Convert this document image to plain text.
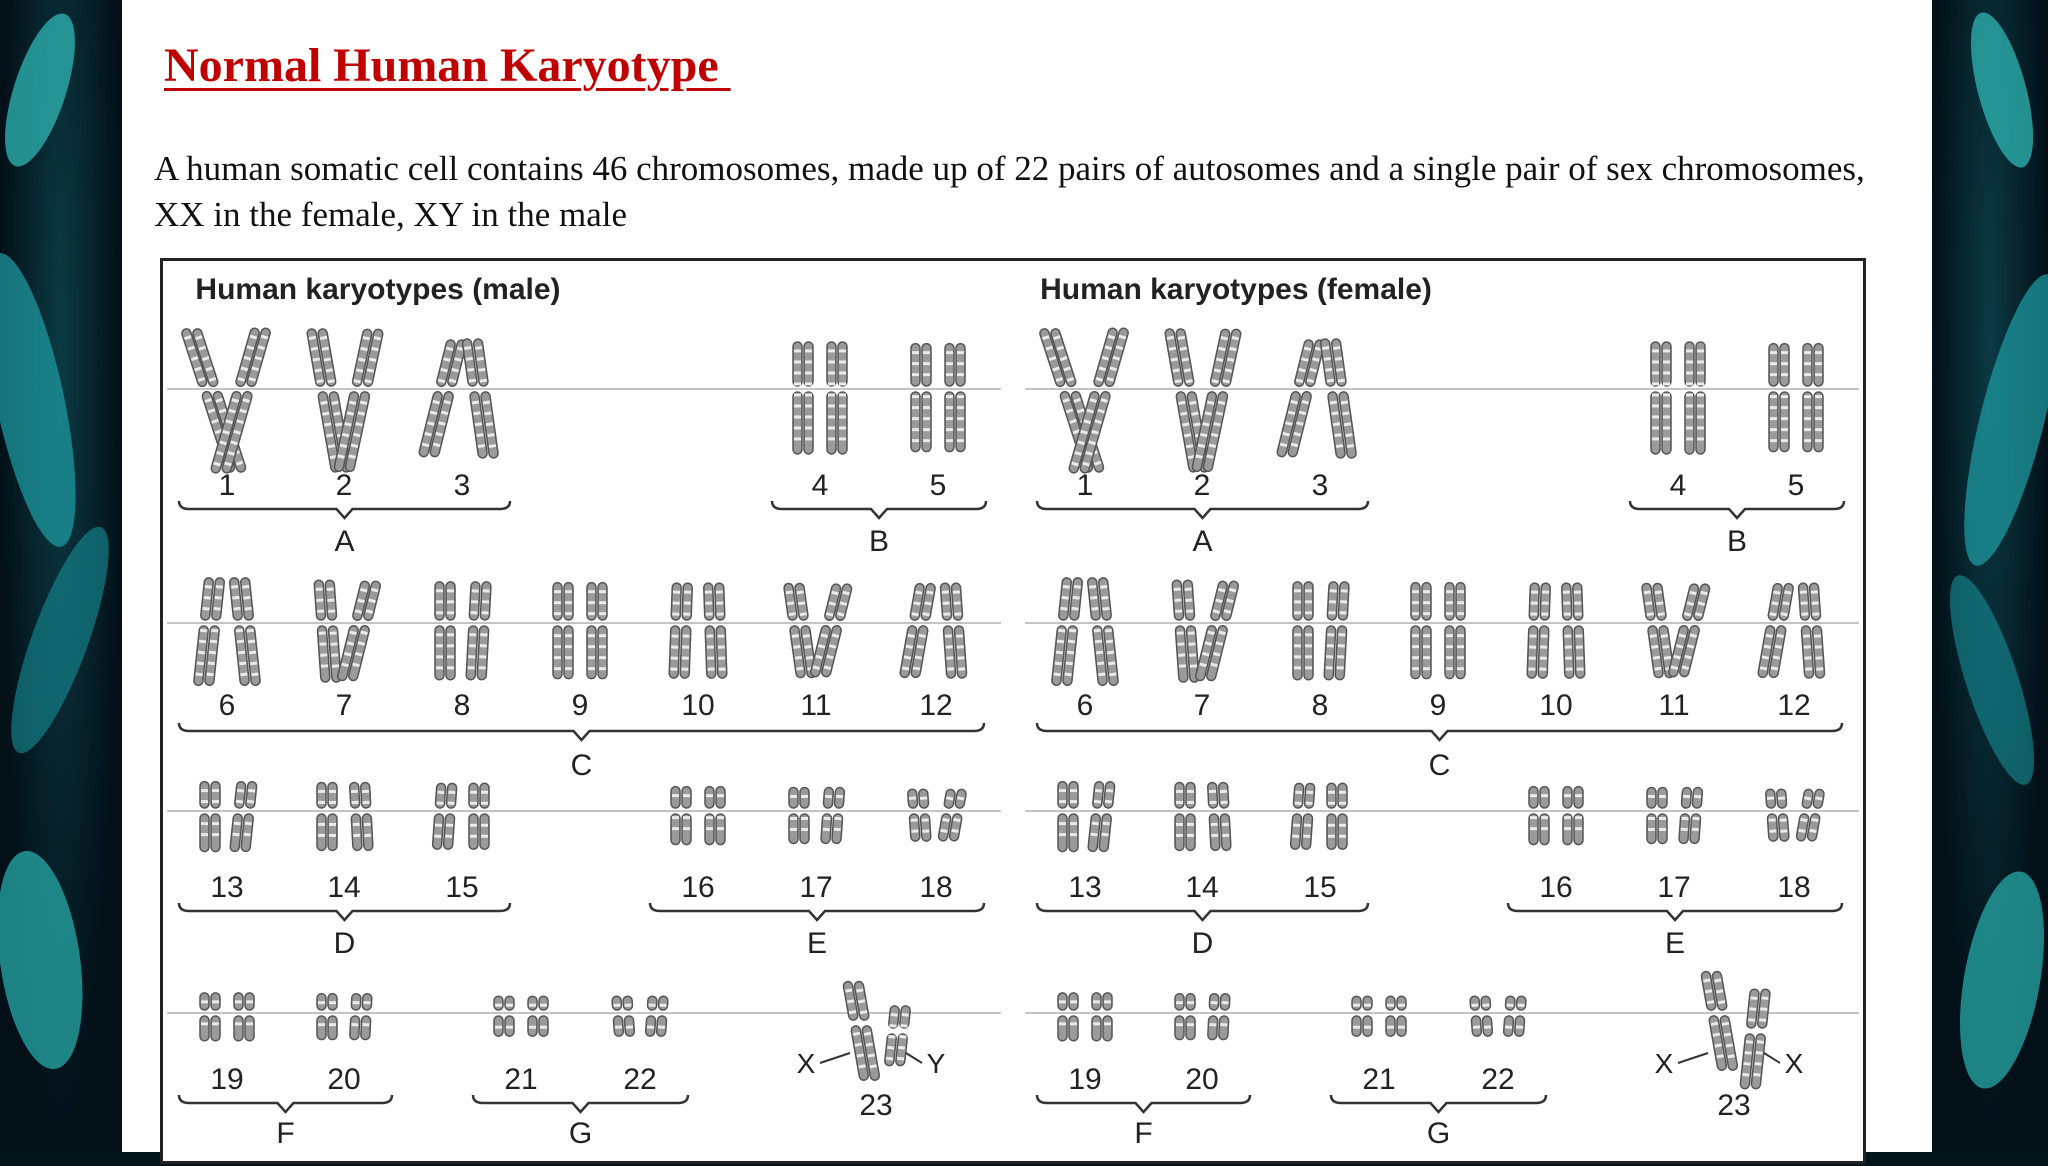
Normal Human Karyotype

A human somatic cell contains 46 chromosomes, made up of 22 pairs of autosomes and a single pair of sex chromosomes, XX in the female, XY in the male

Human karyotypes (male)
1	2	3	4	5
A	B
6	7	8	9	10	11	12
C
13	14	15	16	17	18
D	E
19	20	21	22	X	Y
23
F	G
Human karyotypes (female)
1	2	3	4	5
A	B
6	7	8	9	10	11	12
C
13	14	15	16	17	18
D	E
19	20	21	22	X	X
23
F	G
